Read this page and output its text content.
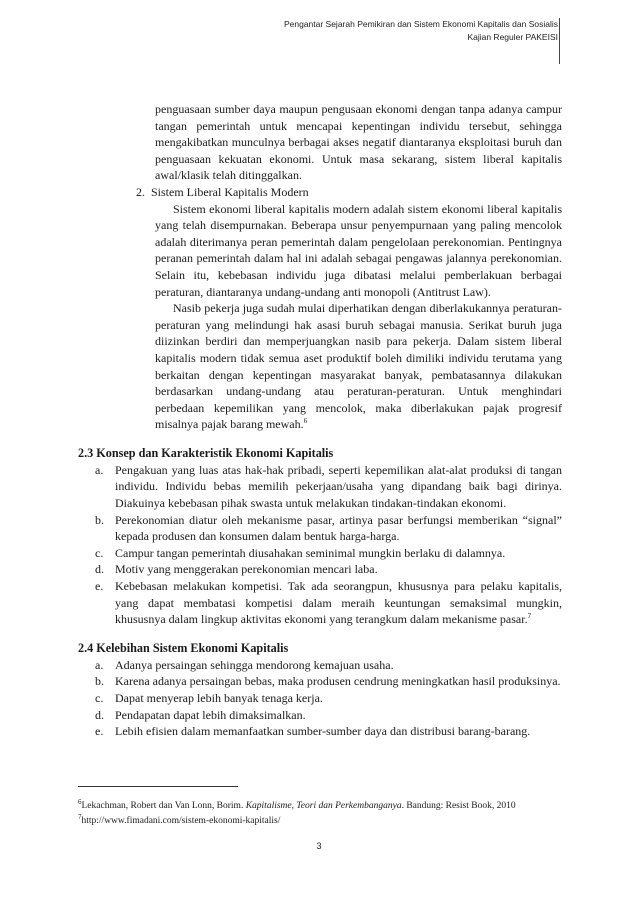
Pengantar Sejarah Pemikiran dan Sistem Ekonomi Kapitalis dan Sosialis
Kajian Reguler PAKEISI

penguasaan sumber daya maupun pengusaan ekonomi dengan tanpa adanya campur tangan pemerintah untuk mencapai kepentingan individu tersebut, sehingga mengakibatkan munculnya berbagai akses negatif diantaranya eksploitasi buruh dan penguasaan kekuatan ekonomi. Untuk masa sekarang, sistem liberal kapitalis awal/klasik telah ditinggalkan.

2. Sistem Liberal Kapitalis Modern

Sistem ekonomi liberal kapitalis modern adalah sistem ekonomi liberal kapitalis yang telah disempurnakan. Beberapa unsur penyempurnaan yang paling mencolok adalah diterimanya peran pemerintah dalam pengelolaan perekonomian. Pentingnya peranan pemerintah dalam hal ini adalah sebagai pengawas jalannya perekonomian. Selain itu, kebebasan individu juga dibatasi melalui pemberlakuan berbagai peraturan, diantaranya undang-undang anti monopoli (Antitrust Law).

Nasib pekerja juga sudah mulai diperhatikan dengan diberlakukannya peraturan-peraturan yang melindungi hak asasi buruh sebagai manusia. Serikat buruh juga diizinkan berdiri dan memperjuangkan nasib para pekerja. Dalam sistem liberal kapitalis modern tidak semua aset produktif boleh dimiliki individu terutama yang berkaitan dengan kepentingan masyarakat banyak, pembatasannya dilakukan berdasarkan undang-undang atau peraturan-peraturan. Untuk menghindari perbedaan kepemilikan yang mencolok, maka diberlakukan pajak progresif misalnya pajak barang mewah.$^6$

2.3 Konsep dan Karakteristik Ekonomi Kapitalis
a. Pengakuan yang luas atas hak-hak pribadi, seperti kepemilikan alat-alat produksi di tangan individu. Individu bebas memilih pekerjaan/usaha yang dipandang baik bagi dirinya. Diakuinya kebebasan pihak swasta untuk melakukan tindakan-tindakan ekonomi.
b. Perekonomian diatur oleh mekanisme pasar, artinya pasar berfungsi memberikan “signal” kepada produsen dan konsumen dalam bentuk harga-harga.
c. Campur tangan pemerintah diusahakan seminimal mungkin berlaku di dalamnya.
d. Motiv yang menggerakan perekonomian mencari laba.
e. Kebebasan melakukan kompetisi. Tak ada seorangpun, khususnya para pelaku kapitalis, yang dapat membatasi kompetisi dalam meraih keuntungan semaksimal mungkin, khususnya dalam lingkup aktivitas ekonomi yang terangkum dalam mekanisme pasar.$^7$
2.4 Kelebihan Sistem Ekonomi Kapitalis
a. Adanya persaingan sehingga mendorong kemajuan usaha.
b. Karena adanya persaingan bebas, maka produsen cendrung meningkatkan hasil produksinya.
c. Dapat menyerap lebih banyak tenaga kerja.
d. Pendapatan dapat lebih dimaksimalkan.
e. Lebih efisien dalam memanfaatkan sumber-sumber daya dan distribusi barang-barang.
$^6$Lekachman, Robert dan Van Lonn, Borim. Kapitalisme, Teori dan Perkembanganya. Bandung: Resist Book, 2010
$^7$http://www.fimadani.com/sistem-ekonomi-kapitalis/
3
